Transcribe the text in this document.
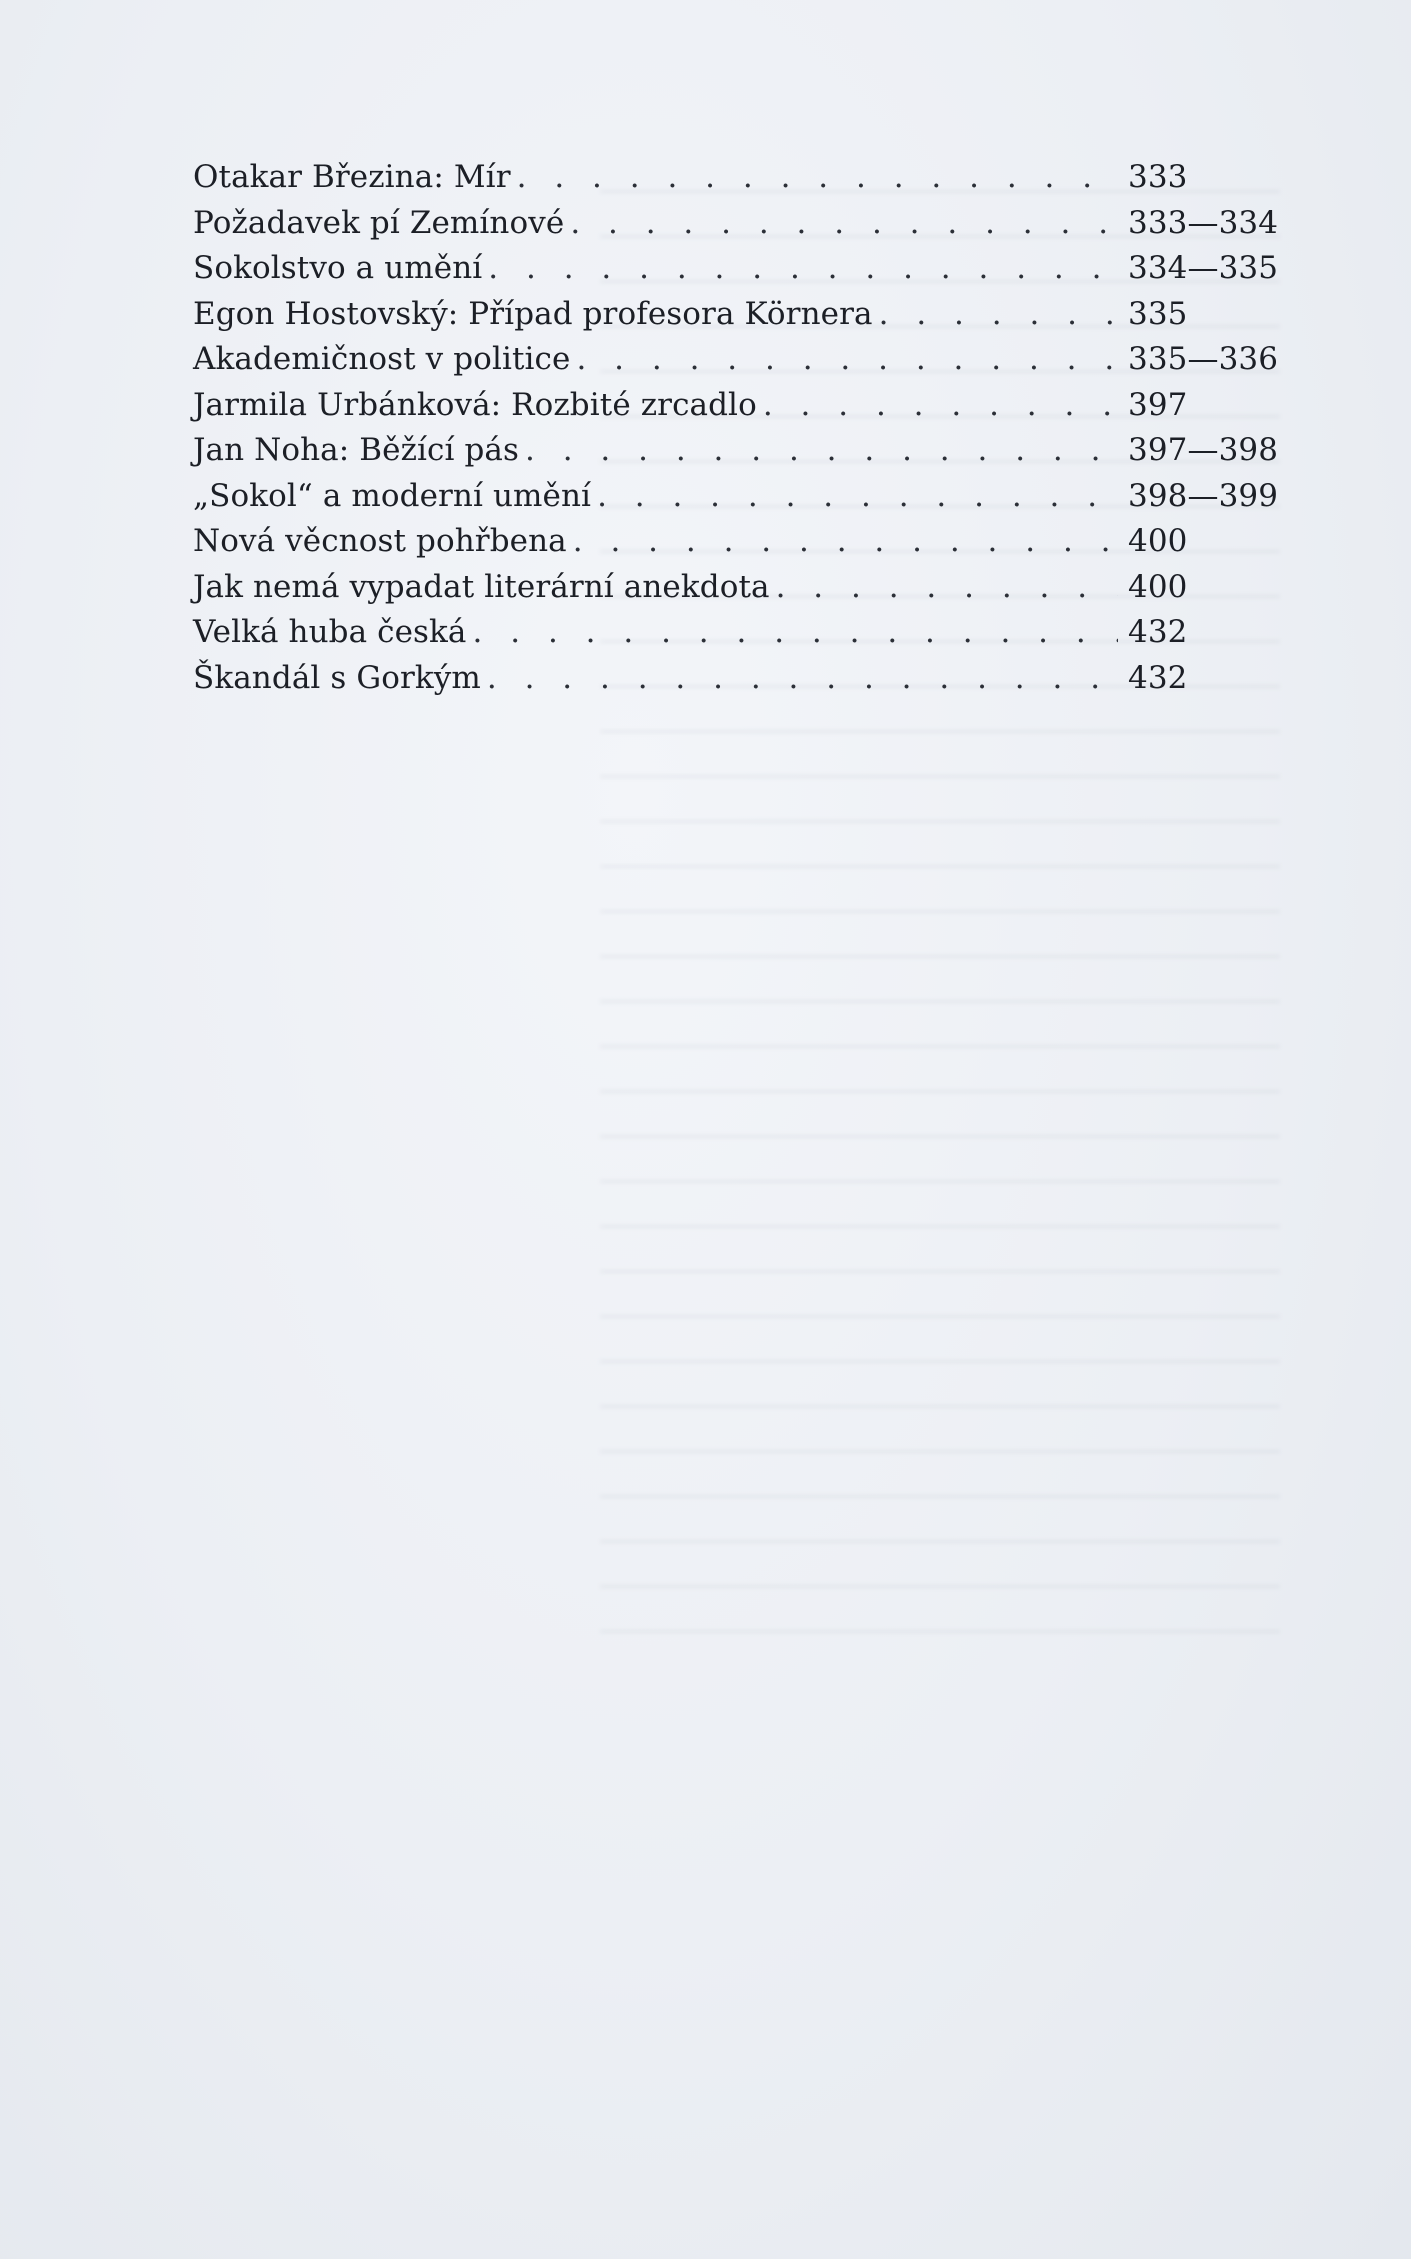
Otakar Březina: Mír . . .	333
Požadavek pí Zemínové . . .	333—334
Sokolstvo a umění . . .	334—335
Egon Hostovský: Případ profesora Körnera . . .	335
Akademičnost v politice . . .	335—336
Jarmila Urbánková: Rozbité zrcadlo . . .	397
Jan Noha: Běžící pás . . .	397—398
„Sokol“ a moderní umění . . .	398—399
Nová věcnost pohřbena . . .	400
Jak nemá vypadat literární anekdota . . .	400
Velká huba česká . . .	432
Škandál s Gorkým . . .	432
